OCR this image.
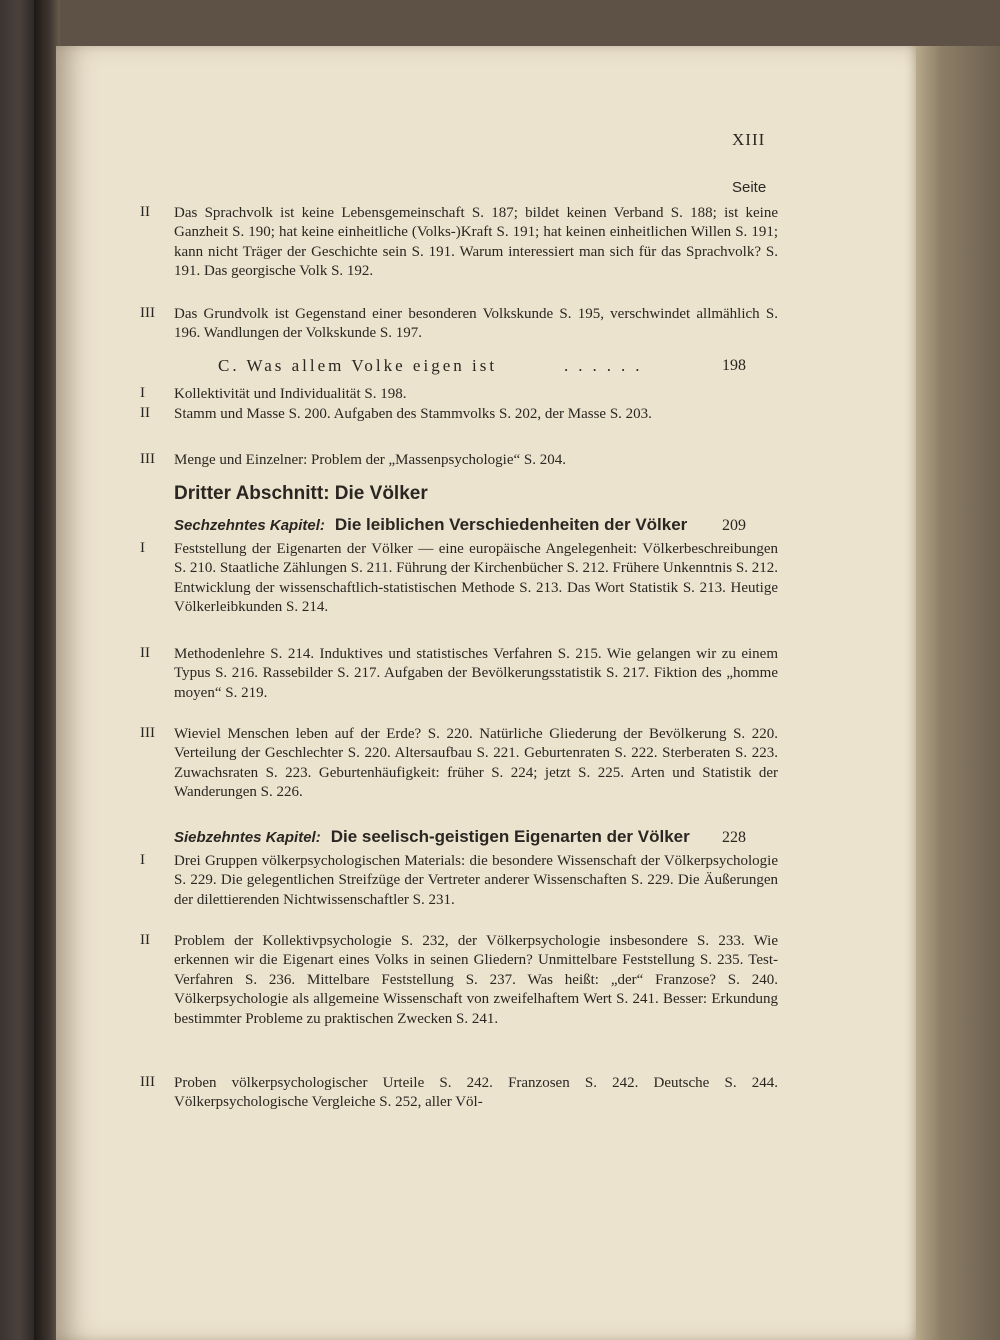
XIII
Seite
II Das Sprachvolk ist keine Lebensgemeinschaft S. 187; bildet keinen Verband S. 188; ist keine Ganzheit S. 190; hat keine einheitliche (Volks-)Kraft S. 191; hat keinen einheitlichen Willen S. 191; kann nicht Träger der Geschichte sein S. 191. Warum interessiert man sich für das Sprachvolk? S. 191. Das georgische Volk S. 192.
III Das Grundvolk ist Gegenstand einer besonderen Volkskunde S. 195, verschwindet allmählich S. 196. Wandlungen der Volkskunde S. 197.
C. Was allem Volke eigen ist	......	198
I Kollektivität und Individualität S. 198.
II Stamm und Masse S. 200. Aufgaben des Stammvolks S. 202, der Masse S. 203.
III Menge und Einzelner: Problem der „Massenpsychologie“ S. 204.
Dritter Abschnitt: Die Völker
Sechzehntes Kapitel: Die leiblichen Verschiedenheiten der Völker	209
I Feststellung der Eigenarten der Völker — eine europäische Angelegenheit: Völkerbeschreibungen S. 210. Staatliche Zählungen S. 211. Führung der Kirchenbücher S. 212. Frühere Unkenntnis S. 212. Entwicklung der wissenschaftlich-statistischen Methode S. 213. Das Wort Statistik S. 213. Heutige Völkerleibkunden S. 214.
II Methodenlehre S. 214. Induktives und statistisches Verfahren S. 215. Wie gelangen wir zu einem Typus S. 216. Rassebilder S. 217. Aufgaben der Bevölkerungsstatistik S. 217. Fiktion des „homme moyen“ S. 219.
III Wieviel Menschen leben auf der Erde? S. 220. Natürliche Gliederung der Bevölkerung S. 220. Verteilung der Geschlechter S. 220. Altersaufbau S. 221. Geburtenraten S. 222. Sterberaten S. 223. Zuwachsraten S. 223. Geburtenhäufigkeit: früher S. 224; jetzt S. 225. Arten und Statistik der Wanderungen S. 226.
Siebzehntes Kapitel: Die seelisch-geistigen Eigenarten der Völker	228
I Drei Gruppen völkerpsychologischen Materials: die besondere Wissenschaft der Völkerpsychologie S. 229. Die gelegentlichen Streifzüge der Vertreter anderer Wissenschaften S. 229. Die Äußerungen der dilettierenden Nichtwissenschaftler S. 231.
II Problem der Kollektivpsychologie S. 232, der Völkerpsychologie insbesondere S. 233. Wie erkennen wir die Eigenart eines Volks in seinen Gliedern? Unmittelbare Feststellung S. 235. Test-Verfahren S. 236. Mittelbare Feststellung S. 237. Was heißt: „der“ Franzose? S. 240. Völkerpsychologie als allgemeine Wissenschaft von zweifelhaftem Wert S. 241. Besser: Erkundung bestimmter Probleme zu praktischen Zwecken S. 241.
III Proben völkerpsychologischer Urteile S. 242. Franzosen S. 242. Deutsche S. 244. Völkerpsychologische Vergleiche S. 252, aller Völ-
